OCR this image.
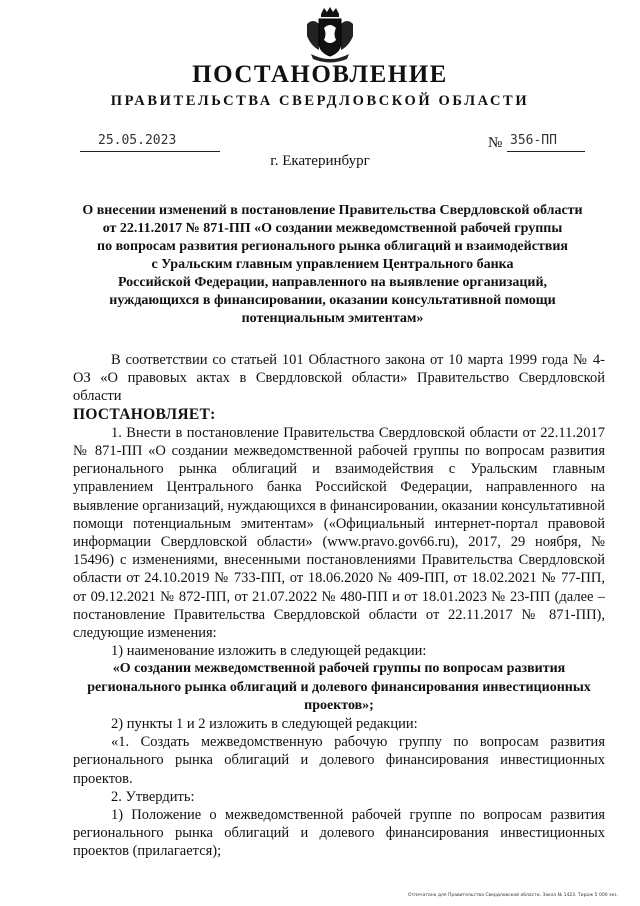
ПОСТАНОВЛЕНИЕ
ПРАВИТЕЛЬСТВА СВЕРДЛОВСКОЙ ОБЛАСТИ
25.05.2023	№ 356-ПП
г. Екатеринбург
О внесении изменений в постановление Правительства Свердловской области
от 22.11.2017 № 871-ПП «О создании межведомственной рабочей группы
по вопросам развития регионального рынка облигаций и взаимодействия
с Уральским главным управлением Центрального банка
Российской Федерации, направленного на выявление организаций,
нуждающихся в финансировании, оказании консультативной помощи
потенциальным эмитентам»

В соответствии со статьей 101 Областного закона от 10 марта 1999 года № 4-ОЗ «О правовых актах в Свердловской области» Правительство Свердловской области

ПОСТАНОВЛЯЕТ:

1. Внести в постановление Правительства Свердловской области от 22.11.2017 № 871-ПП «О создании межведомственной рабочей группы по вопросам развития регионального рынка облигаций и взаимодействия с Уральским главным управлением Центрального банка Российской Федерации, направленного на выявление организаций, нуждающихся в финансировании, оказании консультативной помощи потенциальным эмитентам» («Официальный интернет-портал правовой информации Свердловской области» (www.pravo.gov66.ru), 2017, 29 ноября, № 15496) с изменениями, внесенными постановлениями Правительства Свердловской области от 24.10.2019 № 733-ПП, от 18.06.2020 № 409-ПП, от 18.02.2021 № 77-ПП, от 09.12.2021 № 872-ПП, от 21.07.2022 № 480-ПП и от 18.01.2023 № 23-ПП (далее – постановление Правительства Свердловской области от 22.11.2017 № 871-ПП), следующие изменения:

1) наименование изложить в следующей редакции:

«О создании межведомственной рабочей группы по вопросам развития регионального рынка облигаций и долевого финансирования инвестиционных проектов»;

2) пункты 1 и 2 изложить в следующей редакции:

«1. Создать межведомственную рабочую группу по вопросам развития регионального рынка облигаций и долевого финансирования инвестиционных проектов.

2. Утвердить:

1) Положение о межведомственной рабочей группе по вопросам развития регионального рынка облигаций и долевого финансирования инвестиционных проектов (прилагается);

Отпечатано для Правительства Свердловской области. Заказ № 1423. Тираж 5 000 экз.
